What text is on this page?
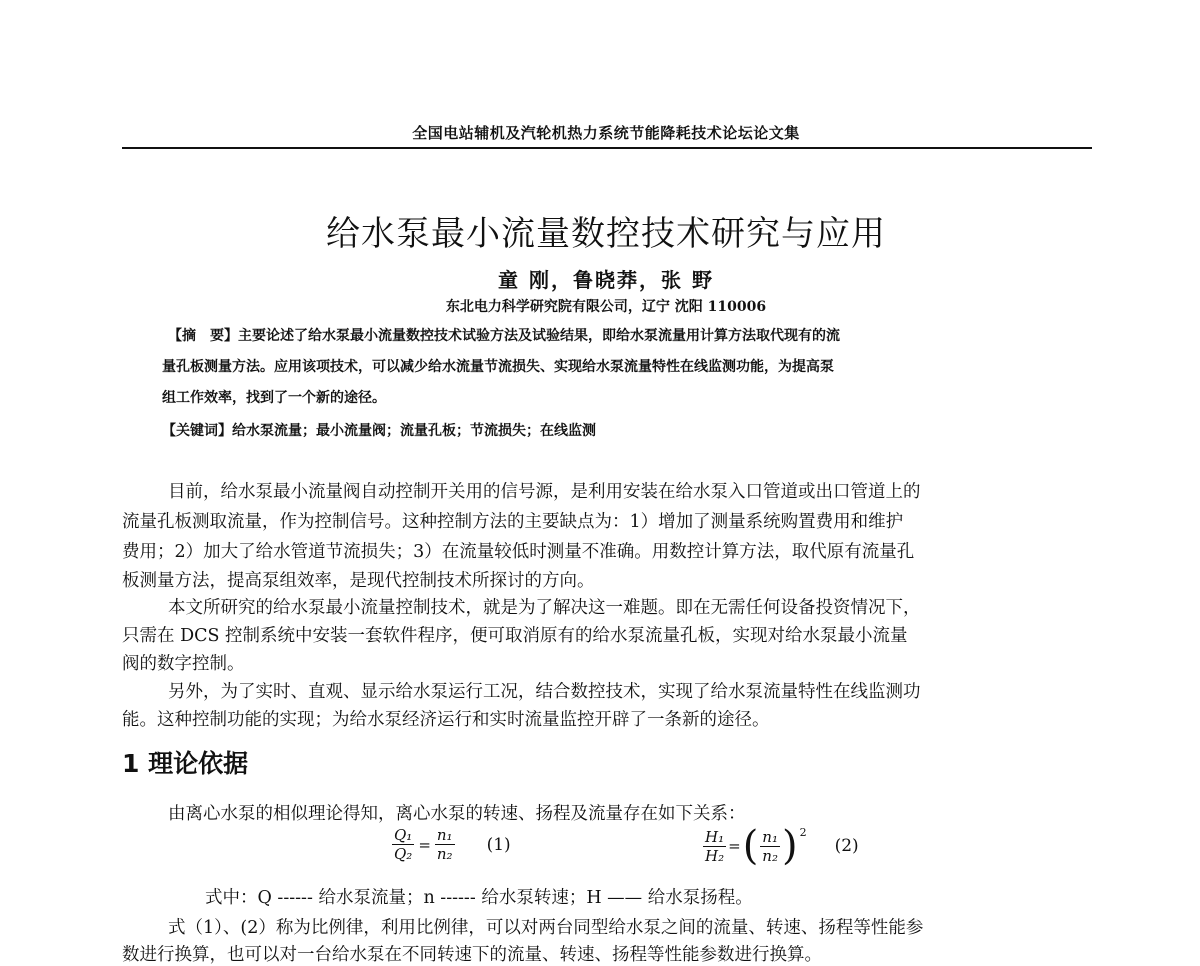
全国电站辅机及汽轮机热力系统节能降耗技术论坛论文集
给水泵最小流量数控技术研究与应用
童 刚，鲁晓莽，张 野
东北电力科学研究院有限公司，辽宁 沈阳 110006
【摘　要】主要论述了给水泵最小流量数控技术试验方法及试验结果，即给水泵流量用计算方法取代现有的流
量孔板测量方法。应用该项技术，可以减少给水流量节流损失、实现给水泵流量特性在线监测功能，为提高泵
组工作效率，找到了一个新的途径。
【关键词】给水泵流量；最小流量阀；流量孔板；节流损失；在线监测
目前，给水泵最小流量阀自动控制开关用的信号源，是利用安装在给水泵入口管道或出口管道上的
流量孔板测取流量，作为控制信号。这种控制方法的主要缺点为：1）增加了测量系统购置费用和维护
费用；2）加大了给水管道节流损失；3）在流量较低时测量不准确。用数控计算方法，取代原有流量孔
板测量方法，提高泵组效率，是现代控制技术所探讨的方向。
本文所研究的给水泵最小流量控制技术，就是为了解决这一难题。即在无需任何设备投资情况下，
只需在 DCS 控制系统中安装一套软件程序，便可取消原有的给水泵流量孔板，实现对给水泵最小流量
阀的数字控制。
另外，为了实时、直观、显示给水泵运行工况，结合数控技术，实现了给水泵流量特性在线监测功
能。这种控制功能的实现；为给水泵经济运行和实时流量监控开辟了一条新的途径。
1 理论依据
由离心水泵的相似理论得知，离心水泵的转速、扬程及流量存在如下关系：
$\frac{\text{Q₁}}{\text{Q₂}} = \frac{\text{n₁}}{\text{n₂}} (1)$	$\frac{\text{H₁}}{\text{H₂}}$ = ( $\frac{\text{n₁}}{\text{n₂}}$ ) 2
(2)
式中：Q ------ 给水泵流量；n ------ 给水泵转速；H —— 给水泵扬程。
式（1）、(2）称为比例律，利用比例律，可以对两台同型给水泵之间的流量、转速、扬程等性能参
数进行换算，也可以对一台给水泵在不同转速下的流量、转速、扬程等性能参数进行换算。
